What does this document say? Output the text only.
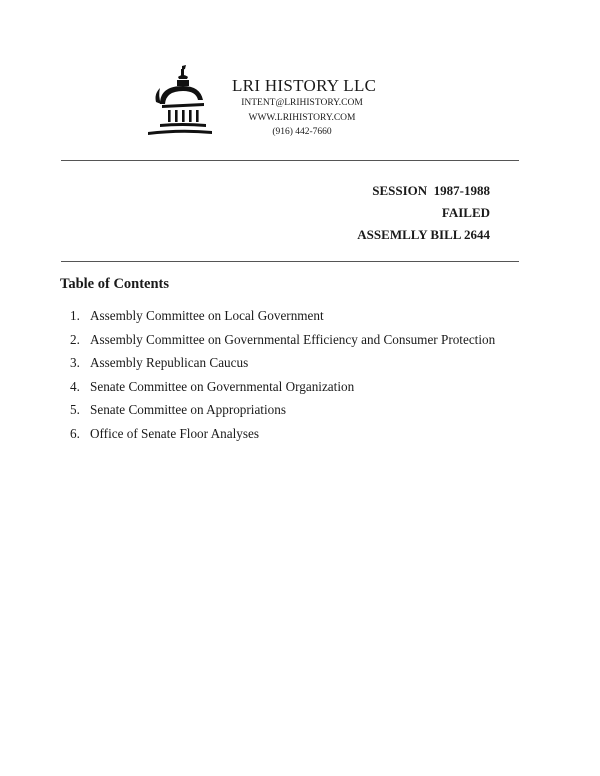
LRI HISTORY LLC
INTENT@LRIHISTORY.COM
WWW.LRIHISTORY.COM
(916) 442-7660
SESSION  1987-1988
FAILED
ASSEMLLY BILL 2644
Table of Contents
1. Assembly Committee on Local Government
2. Assembly Committee on Governmental Efficiency and Consumer Protection
3. Assembly Republican Caucus
4. Senate Committee on Governmental Organization
5. Senate Committee on Appropriations
6. Office of Senate Floor Analyses
